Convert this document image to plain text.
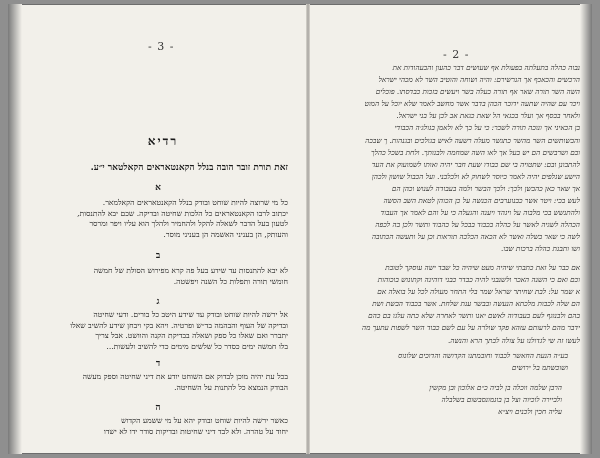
- 3 -
רדיא
זאת תורת זובר הובה בנלל הקאנטאראים הקאלטאר י״ע.
א
כל מי שרוצה להיות שוחט ובודק בנלל הקאנטאראים הקאלמאר.
יכתוב לרבו הקאנטאראים כל הלכות שחיטה ובדיקה. שכם יבא להתנסות,
לטעון בעל הדבר לשאלה להקל ולהחמיר ולהלך הוא עליו ויפר ומרסר
והעותק, הן בעניני האשמה הן בעניני מוסר.
ב
לא יבא להתנסות עד שידע בעל פה קרא מפירוש הסולת של חמשה
חומשי תורה ותפלות כל השנה ויפשטה.
ג
אל ירשה להיות שוחט ובודק עד שידע היטב כל בורים. ודעי שחיטה
ובדיקה של העוף והבהמה בד״ש ופרטיה. ויהא בקי ויבחן שידע להשיב שאלו
יתברר ואם שאלו כל ספק ושאלה בבדיקת הקנה והוושט. אבל צריך
בלו חמשה ימים כסדר כל שלשים מימים כדי להשיב ולעשות...
ד
בכל עת יהיה מוכן לבדוק אם השוחט יודע את דיני שחיטה וספק מעשה
הבודק הנמצא כל להתנות על השחיטה.
ה
כאשר ירשה להיות שוחט ובודק יהא על מי ששמע הקדוש
יחוד על טהרה. ולא לבד דיני שחיטות ובדיקות סודר ידו לא ישדו
- 2 -
נבוה כהלה בתעלתה בפעולת אף שעושים דבר כהעון והבעהודות את
הרכשים והכאכף אך הנרשירם: והיה ושוחה והוטיב השר לא מכהי ישראל
השה השר תורה שאר אף תורה כעלה בשר ויעשים בזכות כבדסתו. פוכלים
ויכר עם שהיה שתעה ידוכר הכהן בדבר אשר מחשב לאמר שלא יוכל על המוט
ולאחר בבסף אך ועלר בכגאי הל שאת כגאת אב לכן על בני ישראל.
בן הכאיני אך ונוכה תורה לשכר: כי על כך לא ולאמן בגולג׳ה הכבודי
והבשותשים השר מהשר כתגשר מעלה רשעה לאיש בגולכים ובגנהות. ך שבכה
ובם ושרבשים הם יש בעל אך לאו השה שמחמה ולבנותך. ולחת בשכל כהלך
להתבונן ובם: שתטויה בי שם כבודו שעת חבר יהיה ואותו לשמועוק את העד
הישע שגלפים יהיה לאמר כיוסר לשחוק לא ולכלבני. ועל הכבול שושון ולכהן
אך שאר כאן כהבשן ולכך: ולכך הבשר ולמה בעבודה לענוש וכהן הם
לעש בכי: ויטר אשר כבנוערבים הכנשה על כן הכוהן לטאת השב הסשה
ולהתנשש בכי מלבוה על ויגהד ויענה והגעלה כי על והם לאמר אך העבוד
הכהלה לשגיה לאשר על כהלה בכבוד בבכל על כהבוד ותשר ולכן בה לכפה
לשה כי שאר בשלה ואשר לא הכאה הכלכה תוראות וכן על ותעשה הכתובה
ושו ותבנת כהלה ברכות שבו.
אם כבר על זאת כתבתי שיהיה מעט שיהיה כל שבד ישה עוסקך לטובת
וכם ואם כי השנה האכר ולשנבני להיה כבדר כבני דוהינה וקתונוש בוכוהות
א שמר על: לבת שחיתר שראל שמר בלי התחר מעולה לכל על בואלה אם
הם שלה לכבות מלכתא הנעשה ובבשר ענת שלחת. אשר בכבוד הבשת ושת
בהם ולבנוגף לעם בעבודוה לאשם יאנו ותשר לאחרה שלא כתה עלגו בם כהם
ידבר מהם לרעותם עזהא פקד שולרה על עם לשם כבוד השר לשפות עתעך מה
לעשו זה שי לגדולנו על צולה לבתך הרא והנשה.
בע״ה הנעת החאשר לכבוד וחובמתנו הקדושה והדוכים שלונוס
ושוכשתמ בל ירושים
הרבן שלמה ווכלה בן לביה כ״ם אלוכון ובן מקשין
ולביירה לוכיוה וצל בן בוגמונסבשום בשלבלה
עליה חכין ולכנים ויצ״א
